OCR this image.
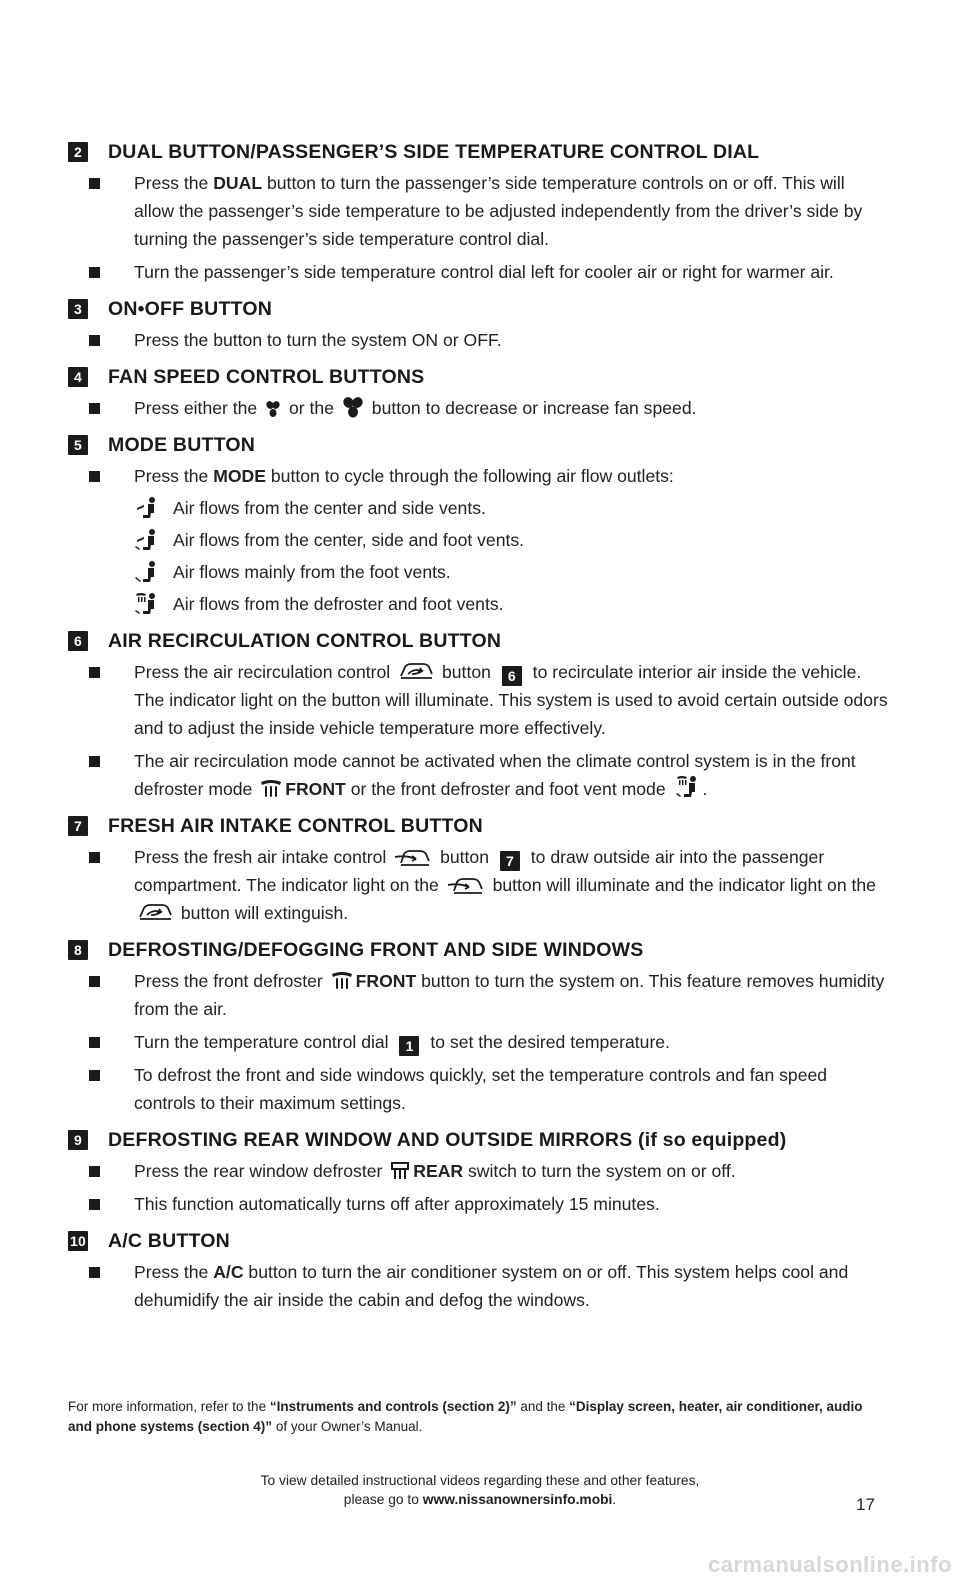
2	DUAL BUTTON/PASSENGER’S SIDE TEMPERATURE CONTROL DIAL
Press the DUAL button to turn the passenger’s side temperature controls on or off. This will allow the passenger’s side temperature to be adjusted independently from the driver’s side by turning the passenger’s side temperature control dial.
Turn the passenger’s side temperature control dial left for cooler air or right for warmer air.
3	ON•OFF BUTTON
Press the button to turn the system ON or OFF.
4	FAN SPEED CONTROL BUTTONS
Press either the  or the  button to decrease or increase fan speed.
5	MODE BUTTON
Press the MODE button to cycle through the following air flow outlets:
Air flows from the center and side vents.
Air flows from the center, side and foot vents.
Air flows mainly from the foot vents.
Air flows from the defroster and foot vents.
6	AIR RECIRCULATION CONTROL BUTTON
Press the air recirculation control  button 6 to recirculate interior air inside the vehicle. The indicator light on the button will illuminate. This system is used to avoid certain outside odors and to adjust the inside vehicle temperature more effectively.
The air recirculation mode cannot be activated when the climate control system is in the front defroster mode FRONT or the front defroster and foot vent mode .
7	FRESH AIR INTAKE CONTROL BUTTON
Press the fresh air intake control	button 7 to draw outside air into the passenger compartment. The indicator light on the	button will illuminate and the indicator light on the  button will extinguish.
8	DEFROSTING/DEFOGGING FRONT AND SIDE WINDOWS
Press the front defroster FRONT button to turn the system on. This feature removes humidity from the air.
Turn the temperature control dial 1 to set the desired temperature.
To defrost the front and side windows quickly, set the temperature controls and fan speed controls to their maximum settings.
9	DEFROSTING REAR WINDOW AND OUTSIDE MIRRORS (if so equipped)
Press the rear window defroster REAR switch to turn the system on or off.
This function automatically turns off after approximately 15 minutes.
10 A/C BUTTON
Press the A/C button to turn the air conditioner system on or off. This system helps cool and dehumidify the air inside the cabin and defog the windows.
For more information, refer to the “Instruments and controls (section 2)” and the “Display screen, heater, air conditioner, audio and phone systems (section 4)” of your Owner’s Manual.
To view detailed instructional videos regarding these and other features,
please go to www.nissanownersinfo.mobi.	17
carmanualsonline.info
